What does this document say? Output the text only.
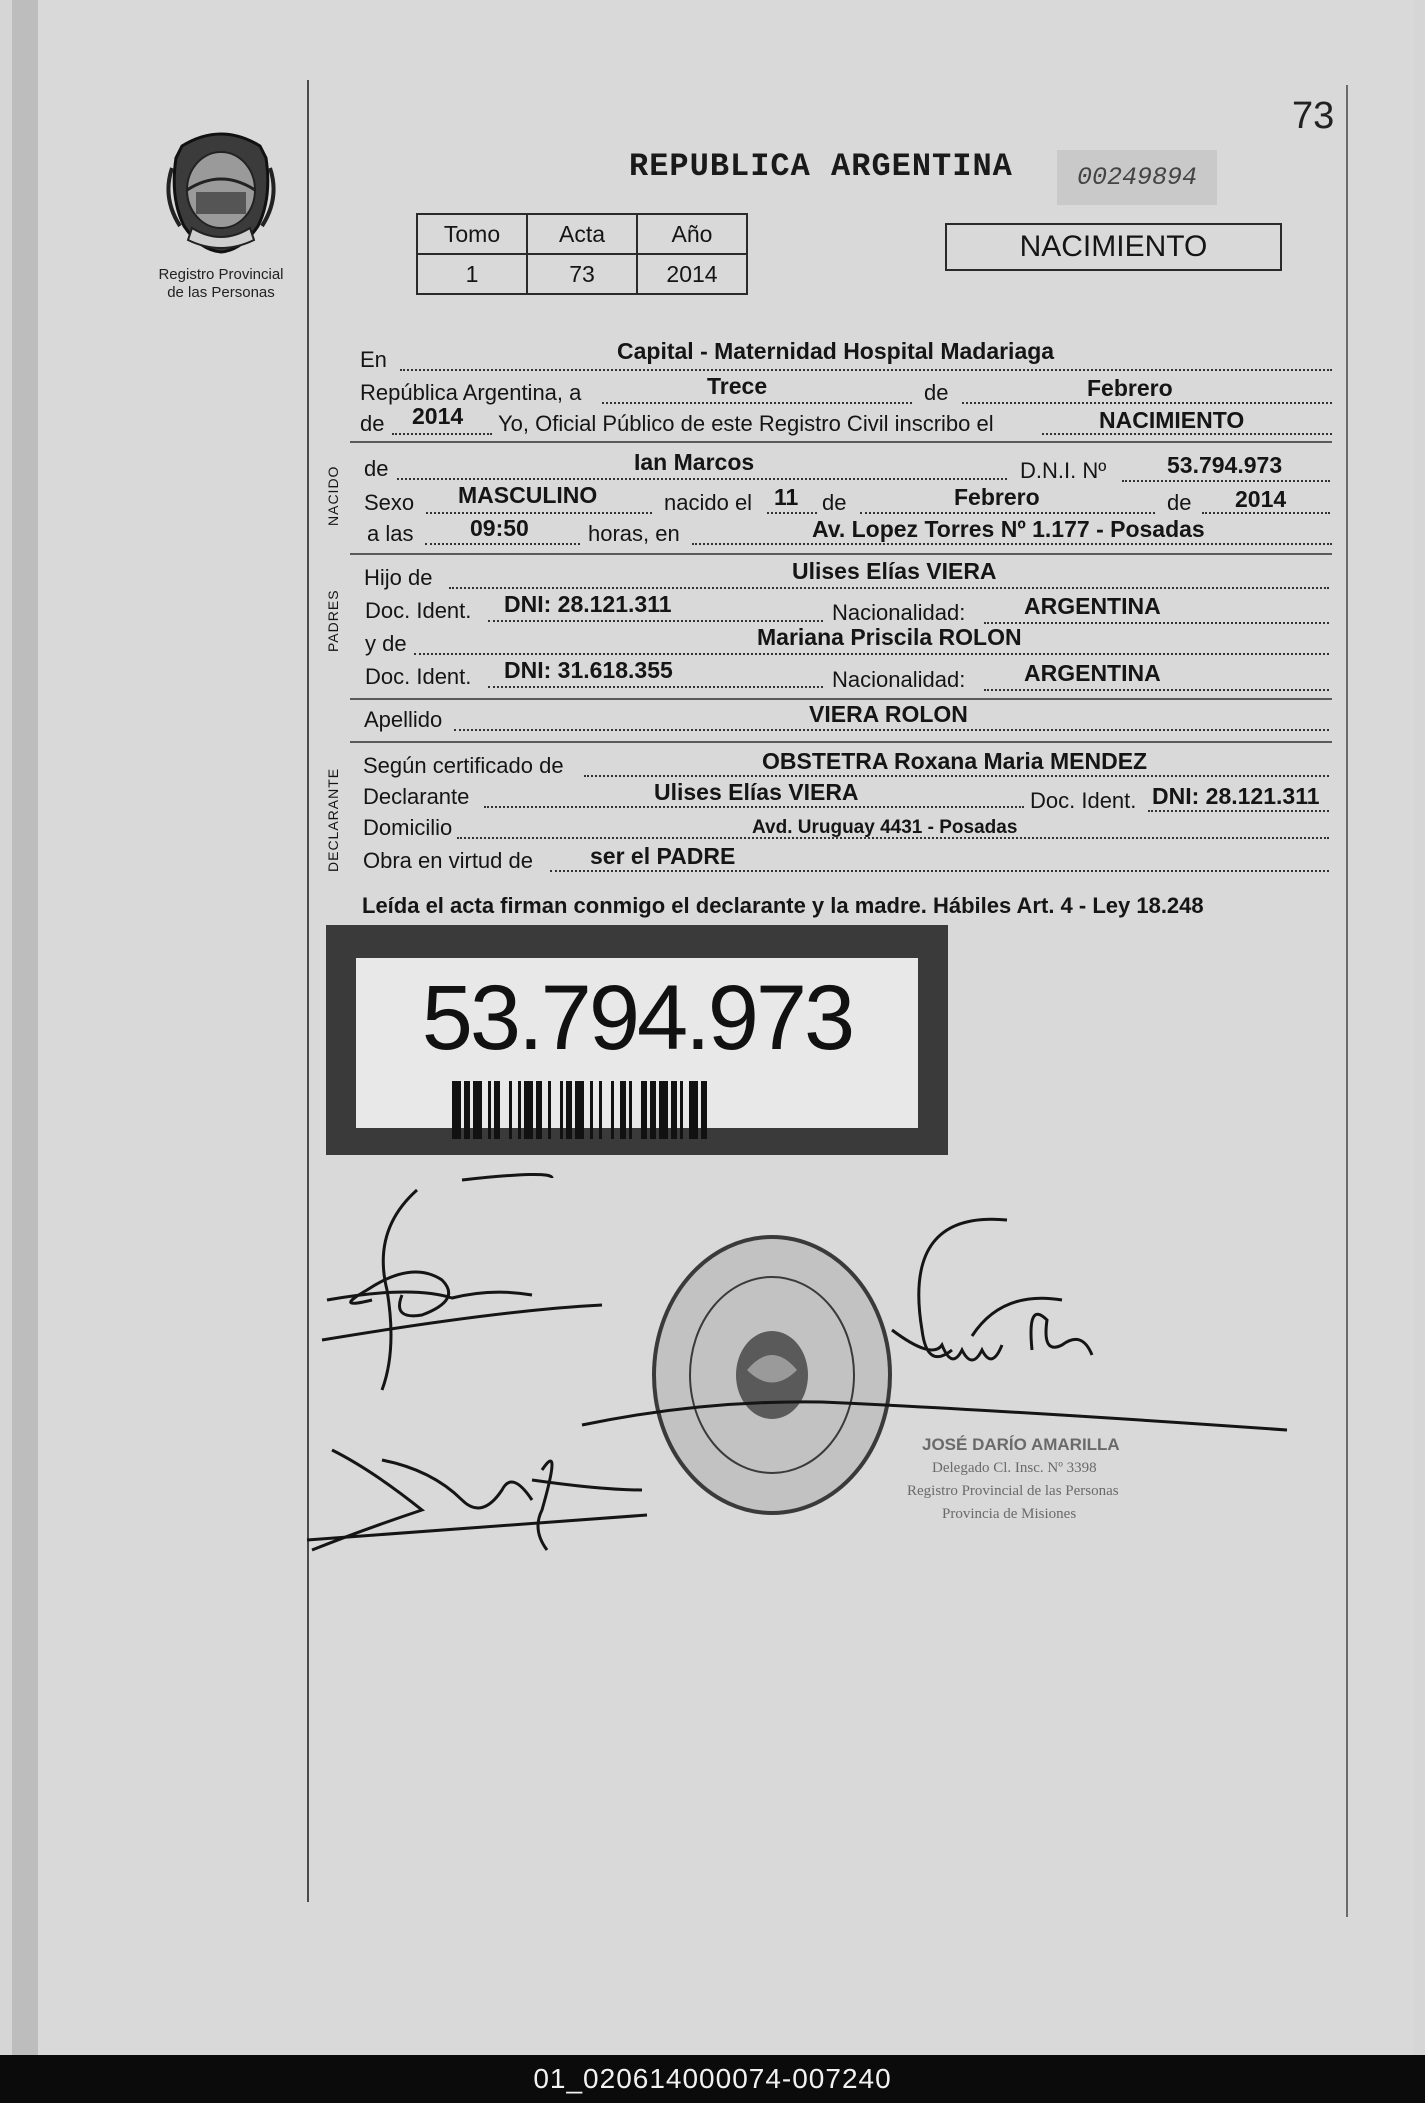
73
Registro Provincial
de las Personas
REPUBLICA ARGENTINA	00249894
Tomo	Acta	Año
1	73	2014
NACIMIENTO
En	Capital - Maternidad Hospital Madariaga
República Argentina, a	Trece	de	Febrero
de 2014 Yo, Oficial Público de este Registro Civil inscribo el	NACIMIENTO
NACIDO de	Ian Marcos	D.N.I. Nº	53.794.973
Sexo MASCULINO	nacido el 11 de	Febrero	de 2014
a las 09:50	horas, en	Av. Lopez Torres Nº 1.177 - Posadas
PADRES
Hijo de	Ulises Elías VIERA
Doc. Ident. DNI: 28.121.311	Nacionalidad:	ARGENTINA
y de	Mariana Priscila ROLON
Doc. Ident. DNI: 31.618.355	Nacionalidad:	ARGENTINA
Apellido	VIERA ROLON
DECLARANTE
Según certificado de	OBSTETRA Roxana Maria MENDEZ
Declarante	Ulises Elías VIERA	Doc. Ident. DNI: 28.121.311
Domicilio	Avd. Uruguay 4431 - Posadas
Obra en virtud de ser el PADRE
Leída el acta firman conmigo el declarante y la madre. Hábiles Art. 4 - Ley 18.248
53.794.973
JOSÉ DARÍO AMARILLA
Delegado Cl. Insc. Nº 3398
Registro Provincial de las Personas
Provincia de Misiones
01_020614000074-007240
